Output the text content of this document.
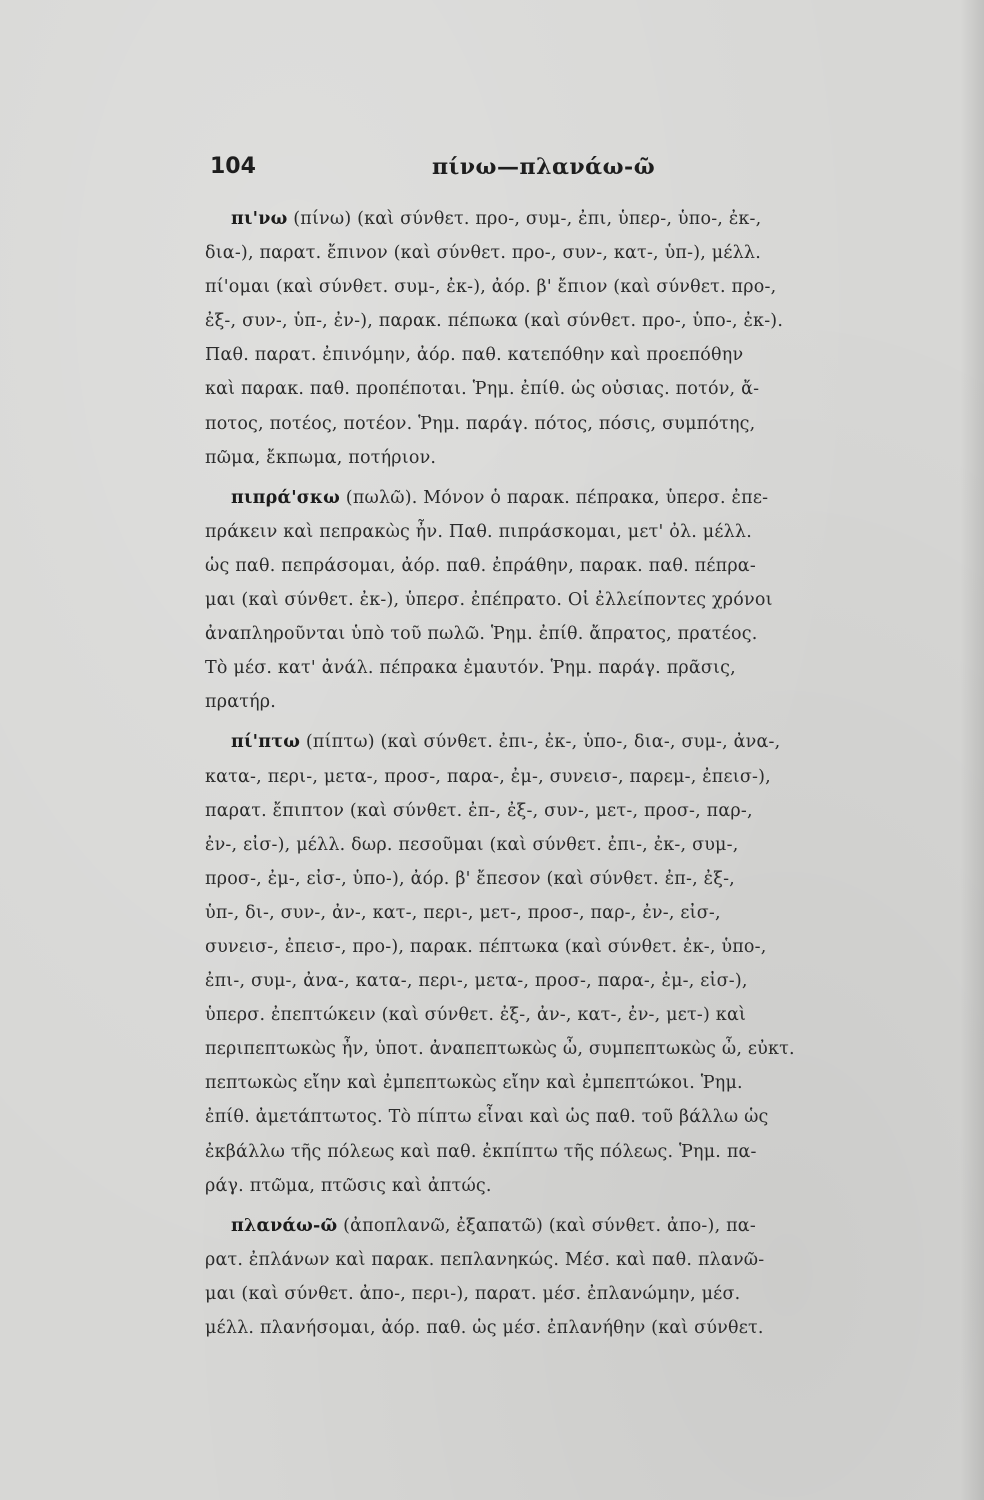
104	πίνω—πλανάω-ῶ
πι'νω (πίνω) (καὶ σύνθετ. προ-, συμ-, ἐπι, ὑπερ-, ὑπο-, ἐκ-,
δια-), παρατ. ἔπινον (καὶ σύνθετ. προ-, συν-, κατ-, ὑπ-), μέλλ.
πί'ομαι (καὶ σύνθετ. συμ-, ἐκ-), ἀόρ. β' ἔπιον (καὶ σύνθετ. προ-,
ἐξ-, συν-, ὑπ-, ἐν-), παρακ. πέπωκα (καὶ σύνθετ. προ-, ὑπο-, ἐκ-).
Παθ. παρατ. ἐπινόμην, ἀόρ. παθ. κατεπόθην καὶ προεπόθην
καὶ παρακ. παθ. προπέποται. Ῥημ. ἐπίθ. ὡς οὐσιας. ποτόν, ἄ-
ποτος, ποτέος, ποτέον. Ῥημ. παράγ. πότος, πόσις, συμπότης,
πῶμα, ἔκπωμα, ποτήριον.
πιπρά'σκω (πωλῶ). Μόνον ὁ παρακ. πέπρακα, ὑπερσ. ἐπε-
πράκειν καὶ πεπρακὼς ἦν. Παθ. πιπράσκομαι, μετ' ὀλ. μέλλ.
ὡς παθ. πεπράσομαι, ἀόρ. παθ. ἐπράθην, παρακ. παθ. πέπρα-
μαι (καὶ σύνθετ. ἐκ-), ὑπερσ. ἐπέπρατο. Οἱ ἐλλείποντες χρόνοι
ἀναπληροῦνται ὑπὸ τοῦ πωλῶ. Ῥημ. ἐπίθ. ἄπρατος, πρατέος.
Τὸ μέσ. κατ' ἀνάλ. πέπρακα ἐμαυτόν. Ῥημ. παράγ. πρᾶσις,
πρατήρ.
πί'πτω (πίπτω) (καὶ σύνθετ. ἐπι-, ἐκ-, ὑπο-, δια-, συμ-, ἀνα-,
κατα-, περι-, μετα-, προσ-, παρα-, ἐμ-, συνεισ-, παρεμ-, ἐπεισ-),
παρατ. ἔπιπτον (καὶ σύνθετ. ἐπ-, ἐξ-, συν-, μετ-, προσ-, παρ-,
ἐν-, εἰσ-), μέλλ. δωρ. πεσοῦμαι (καὶ σύνθετ. ἐπι-, ἐκ-, συμ-,
προσ-, ἐμ-, εἰσ-, ὑπο-), ἀόρ. β' ἔπεσον (καὶ σύνθετ. ἐπ-, ἐξ-,
ὑπ-, δι-, συν-, ἀν-, κατ-, περι-, μετ-, προσ-, παρ-, ἐν-, εἰσ-,
συνεισ-, ἐπεισ-, προ-), παρακ. πέπτωκα (καὶ σύνθετ. ἐκ-, ὑπο-,
ἐπι-, συμ-, ἀνα-, κατα-, περι-, μετα-, προσ-, παρα-, ἐμ-, εἰσ-),
ὑπερσ. ἐπεπτώκειν (καὶ σύνθετ. ἐξ-, ἀν-, κατ-, ἐν-, μετ-) καὶ
περιπεπτωκὼς ἦν, ὑποτ. ἀναπεπτωκὼς ὦ, συμπεπτωκὼς ὦ, εὐκτ.
πεπτωκὼς εἴην καὶ ἐμπεπτωκὼς εἴην καὶ ἐμπεπτώκοι. Ῥημ.
ἐπίθ. ἀμετάπτωτος. Τὸ πίπτω εἶναι καὶ ὡς παθ. τοῦ βάλλω ὡς
ἐκβάλλω τῆς πόλεως καὶ παθ. ἐκπίπτω τῆς πόλεως. Ῥημ. πα-
ράγ. πτῶμα, πτῶσις καὶ ἀπτώς.
πλανάω-ῶ (ἀποπλανῶ, ἐξαπατῶ) (καὶ σύνθετ. ἀπο-), πα-
ρατ. ἐπλάνων καὶ παρακ. πεπλανηκώς. Μέσ. καὶ παθ. πλανῶ-
μαι (καὶ σύνθετ. ἀπο-, περι-), παρατ. μέσ. ἐπλανώμην, μέσ.
μέλλ. πλανήσομαι, ἀόρ. παθ. ὡς μέσ. ἐπλανήθην (καὶ σύνθετ.
